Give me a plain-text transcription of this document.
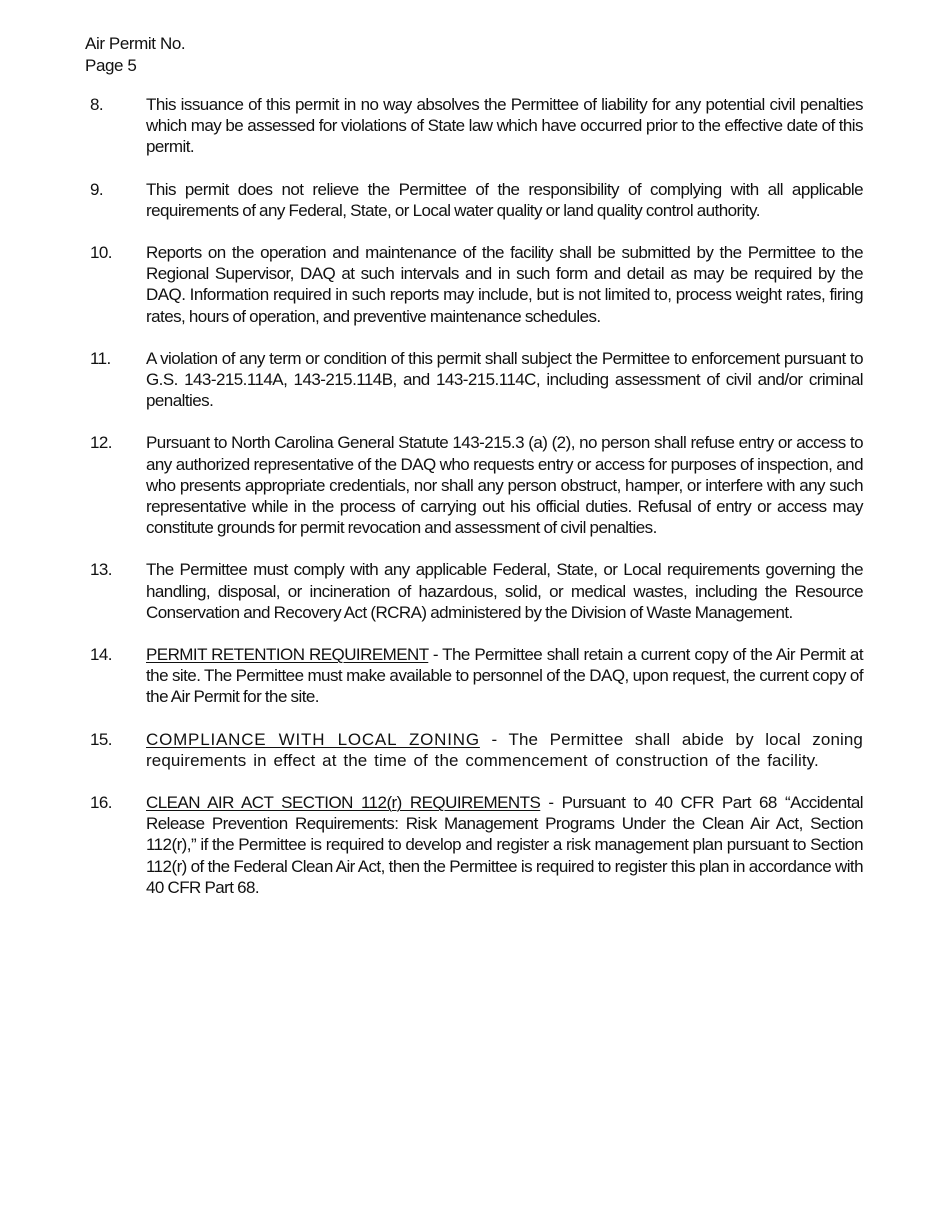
Air Permit No.
Page 5
8.	This issuance of this permit in no way absolves the Permittee of liability for any potential civil penalties which may be assessed for violations of State law which have occurred prior to the effective date of this permit.
9.	This permit does not relieve the Permittee of the responsibility of complying with all applicable requirements of any Federal, State, or Local water quality or land quality control authority.
10. Reports on the operation and maintenance of the facility shall be submitted by the Permittee to the Regional Supervisor, DAQ at such intervals and in such form and detail as may be required by the DAQ. Information required in such reports may include, but is not limited to, process weight rates, firing rates, hours of operation, and preventive maintenance schedules.
11. A violation of any term or condition of this permit shall subject the Permittee to enforcement pursuant to G.S. 143-215.114A, 143-215.114B, and 143-215.114C, including assessment of civil and/or criminal penalties.
12. Pursuant to North Carolina General Statute 143-215.3 (a) (2), no person shall refuse entry or access to any authorized representative of the DAQ who requests entry or access for purposes of inspection, and who presents appropriate credentials, nor shall any person obstruct, hamper, or interfere with any such representative while in the process of carrying out his official duties. Refusal of entry or access may constitute grounds for permit revocation and assessment of civil penalties.
13. The Permittee must comply with any applicable Federal, State, or Local requirements governing the handling, disposal, or incineration of hazardous, solid, or medical wastes, including the Resource Conservation and Recovery Act (RCRA) administered by the Division of Waste Management.
14. PERMIT RETENTION REQUIREMENT - The Permittee shall retain a current copy of the Air Permit at the site. The Permittee must make available to personnel of the DAQ, upon request, the current copy of the Air Permit for the site.
15. COMPLIANCE WITH LOCAL ZONING - The Permittee shall abide by local zoning requirements in effect at the time of the commencement of construction of the facility.
16. CLEAN AIR ACT SECTION 112(r) REQUIREMENTS - Pursuant to 40 CFR Part 68 “Accidental Release Prevention Requirements: Risk Management Programs Under the Clean Air Act, Section 112(r),” if the Permittee is required to develop and register a risk management plan pursuant to Section 112(r) of the Federal Clean Air Act, then the Permittee is required to register this plan in accordance with 40 CFR Part 68.
